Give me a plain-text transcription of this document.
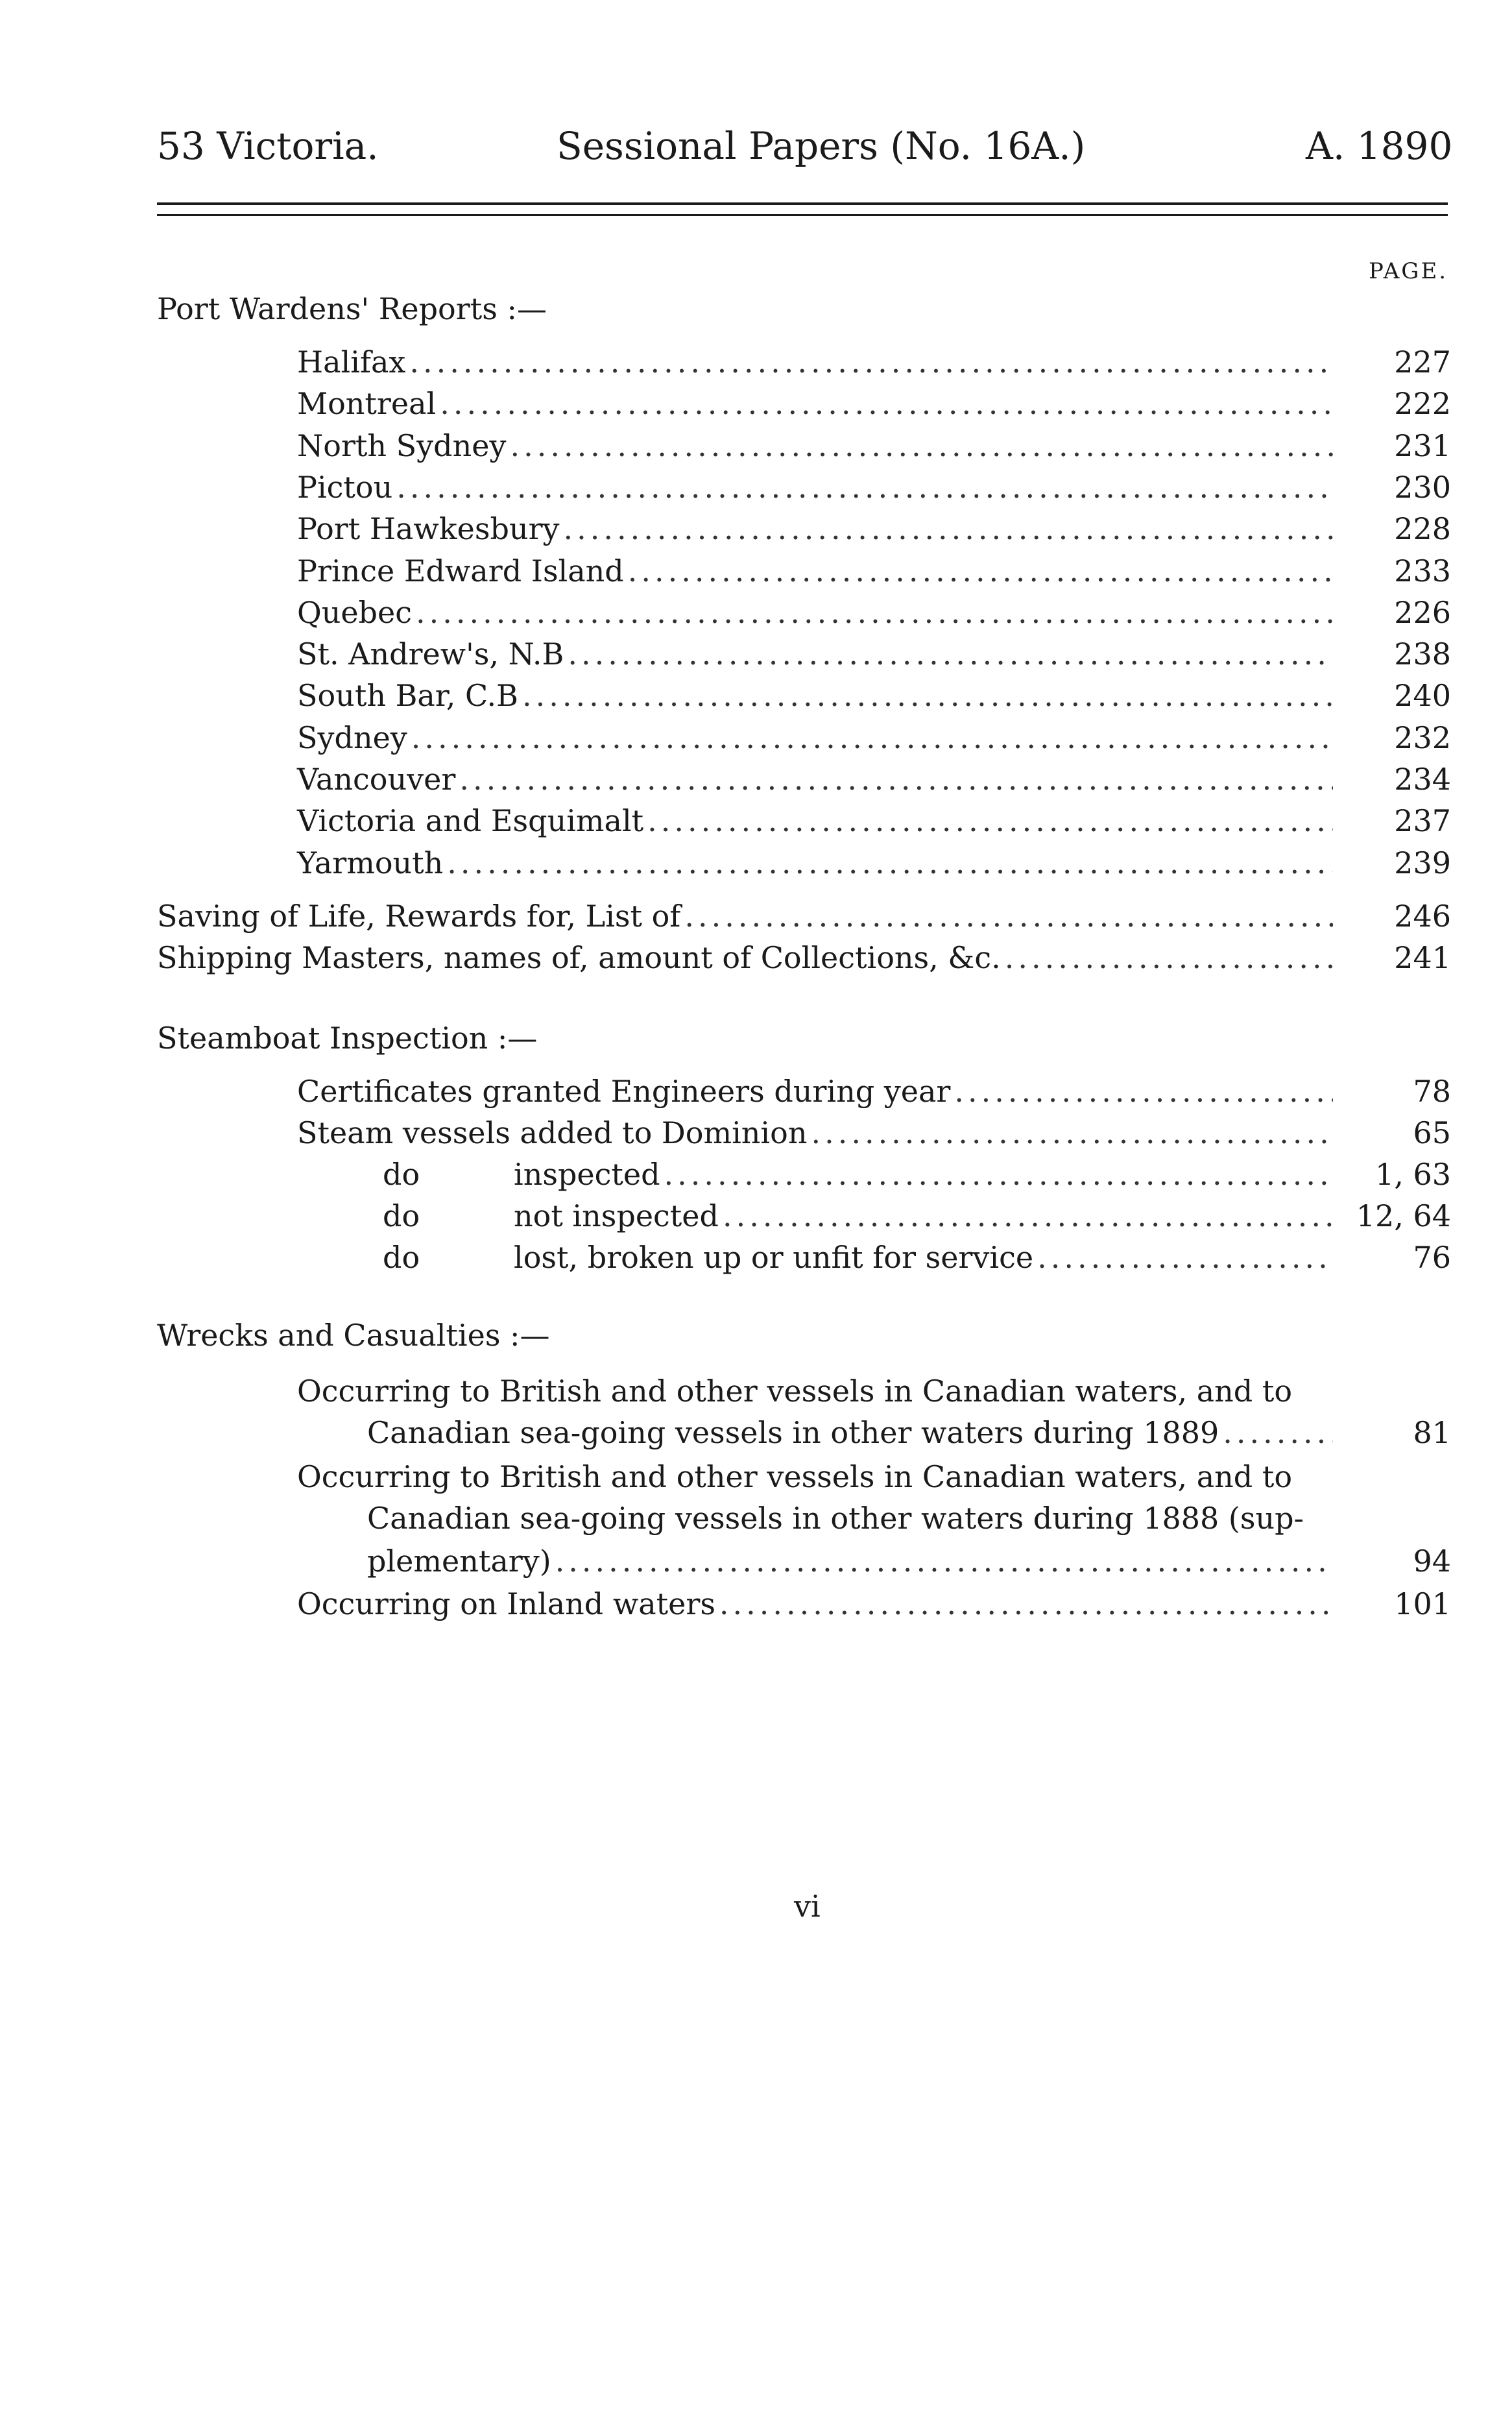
53 Victoria.	Sessional Papers (No. 16A.)	A. 1890
PAGE.
Port Wardens' Reports :—
Halifax .....	227
Montreal .....	222
North Sydney .....	231
Pictou .....	230
Port Hawkesbury .....	228
Prince Edward Island .....	233
Quebec .....	226
St. Andrew's, N.B .....	238
South Bar, C.B .....	240
Sydney .....	232
Vancouver .....	234
Victoria and Esquimalt .....	237
Yarmouth .....	239
Saving of Life, Rewards for, List of .....	246
Shipping Masters, names of, amount of Collections, &c. .....	241
Steamboat Inspection :—
Certificates granted Engineers during year .....	78
Steam vessels added to Dominion .....	65
do	inspected .....	1, 63
do	not inspected .....	12, 64
do	lost, broken up or unfit for service .....	76
Wrecks and Casualties :—
Occurring to British and other vessels in Canadian waters, and to
Canadian sea-going vessels in other waters during 1889 .....	81
Occurring to British and other vessels in Canadian waters, and to
Canadian sea-going vessels in other waters during 1888 (sup-
plementary) .....	94
Occurring on Inland waters .....	101
vi
